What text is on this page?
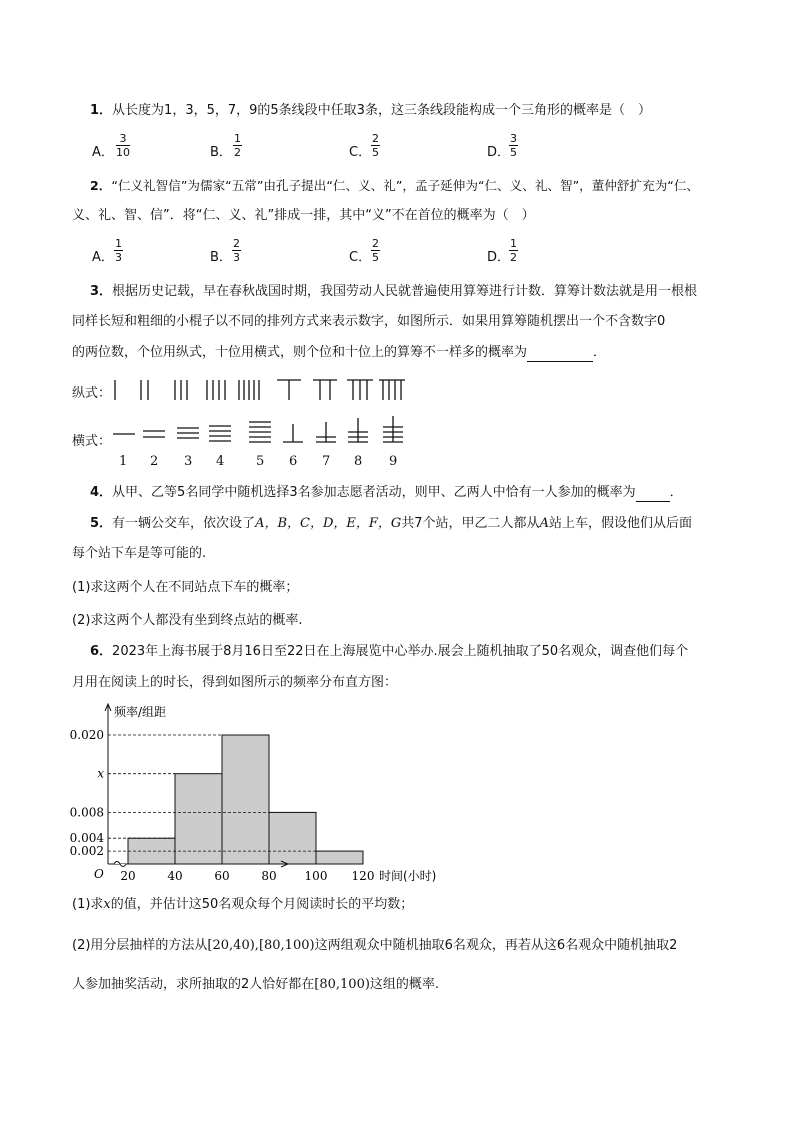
1．从长度为1，3，5，7，9的5条线段中任取3条，这三条线段能构成一个三角形的概率是（　）
A． $\frac{3}{10}$	B． $\frac{1}{2}$	C． $\frac{2}{5}$	D．
$\frac{3}{5}$
2．“仁义礼智信”为儒家“五常”由孔子提出“仁、义、礼”，孟子延伸为“仁、义、礼、智”，董仲舒扩充为“仁、
义、礼、智、信”．将“仁、义、礼”排成一排，其中“义”不在首位的概率为（　）
A． $\frac{1}{3}$	B． $\frac{2}{3}$	C． $\frac{2}{5}$	D．
$\frac{1}{2}$
3．根据历史记载，早在春秋战国时期，我国劳动人民就普遍使用算筹进行计数．算筹计数法就是用一根根
同样长短和粗细的小棍子以不同的排列方式来表示数字，如图所示．如果用算筹随机摆出一个不含数字0
的两位数，个位用纵式，十位用横式，则个位和十位上的算筹不一样多的概率为	．
纵式：
横式：
1 2 3 4 5 6 7 8 9
4．从甲、乙等5名同学中随机选择3名参加志愿者活动，则甲、乙两人中恰有一人参加的概率为	．
5．有一辆公交车，依次设了A，B，C，D，E，F，G共7个站，甲乙二人都从A站上车，假设他们从后面
每个站下车是等可能的.
(1)求这两个人在不同站点下车的概率；
(2)求这两个人都没有坐到终点站的概率.
6．2023年上海书展于8月16日至22日在上海展览中心举办.展会上随机抽取了50名观众，调查他们每个
月用在阅读上的时长，得到如图所示的频率分布直方图：
0.002
0.004
0.008
x
0.020
20	40	60	80 100 120
O
频率/组距
时间(小时)
(1)求x的值，并估计这50名观众每个月阅读时长的平均数；
(2)用分层抽样的方法从[20,40),[80,100)这两组观众中随机抽取6名观众，再若从这6名观众中随机抽取2
人参加抽奖活动，求所抽取的2人恰好都在[80,100)这组的概率.
